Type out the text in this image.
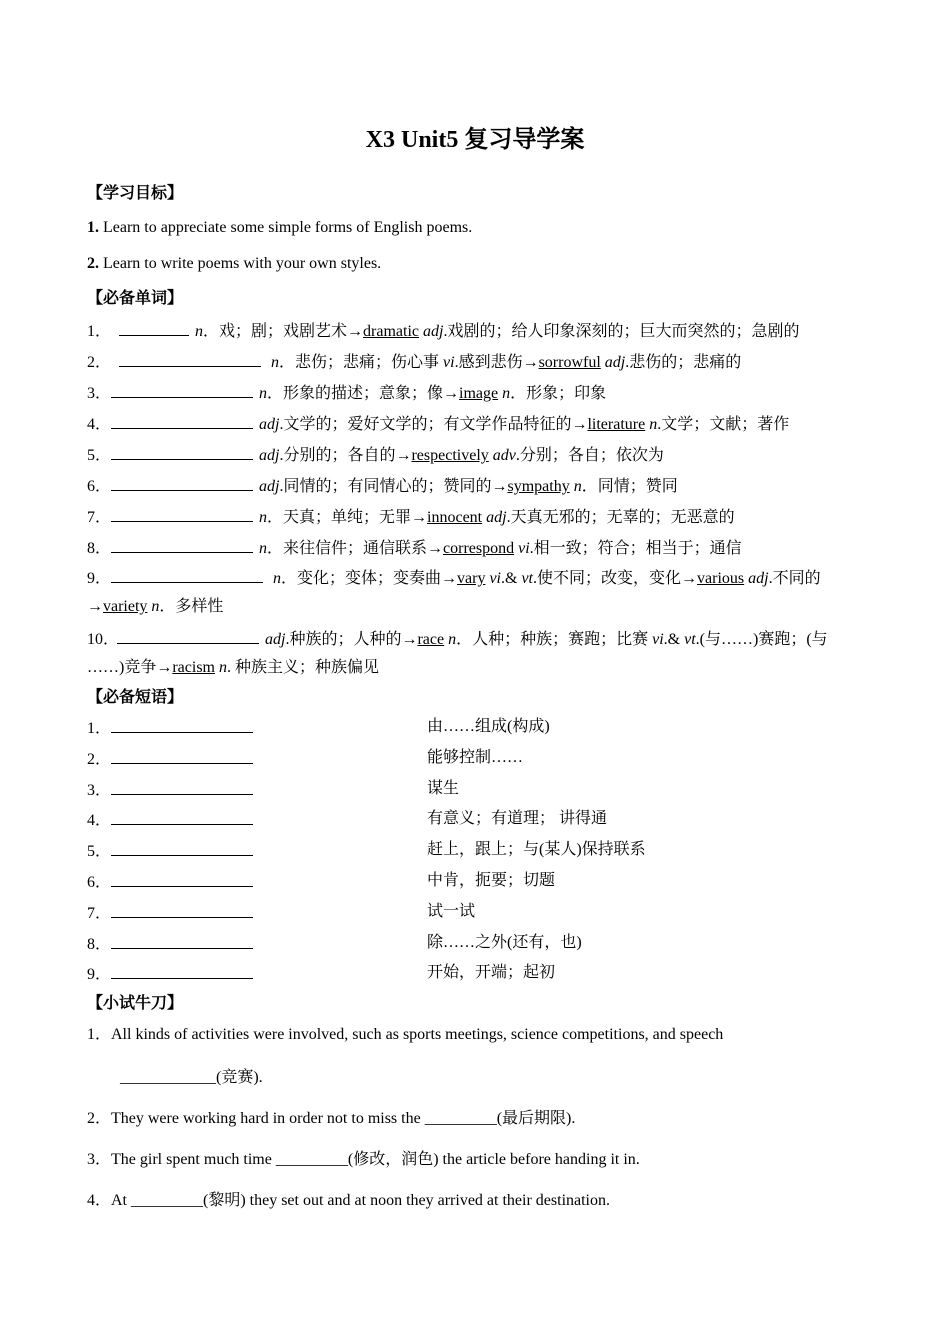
X3 Unit5 复习导学案
【学习目标】
1. Learn to appreciate some simple forms of English poems.
2. Learn to write poems with your own styles.
【必备单词】
1．	n．戏；剧；戏剧艺术→dramatic adj.戏剧的；给人印象深刻的；巨大而突然的；急剧的
2．	n．悲伤；悲痛；伤心事 vi.感到悲伤→sorrowful adj.悲伤的；悲痛的
3．	n．形象的描述；意象；像→image n．形象；印象
4．	adj.文学的；爱好文学的；有文学作品特征的→literature n.文学；文献；著作
5．	adj.分别的；各自的→respectively adv.分别；各自；依次为
6．	adj.同情的；有同情心的；赞同的→sympathy n．同情；赞同
7．	n．天真；单纯；无罪→innocent adj.天真无邪的；无辜的；无恶意的
8．	n．来往信件；通信联系→correspond vi.相一致；符合；相当于；通信
9．	n．变化；变体；变奏曲→vary vi.& vt.使不同；改变，变化→various adj.不同的
→variety n．多样性
10．	adj.种族的；人种的→race n．人种；种族；赛跑；比赛 vi.& vt.(与……)赛跑；(与
……)竞争→racism n. 种族主义；种族偏见
【必备短语】
1．	由……组成(构成)
2．	能够控制……
3．	谋生
4．	有意义；有道理； 讲得通
5．	赶上，跟上；与(某人)保持联系
6．	中肯，扼要；切题
7．	试一试
8．	除……之外(还有，也)
9．	开始，开端；起初
【小试牛刀】
1．All kinds of activities were involved, such as sports meetings, science competitions, and speech
____________(竞赛).
2．They were working hard in order not to miss the _________(最后期限).
3．The girl spent much time _________(修改，润色) the article before handing it in.
4．At _________(黎明) they set out and at noon they arrived at their destination.
